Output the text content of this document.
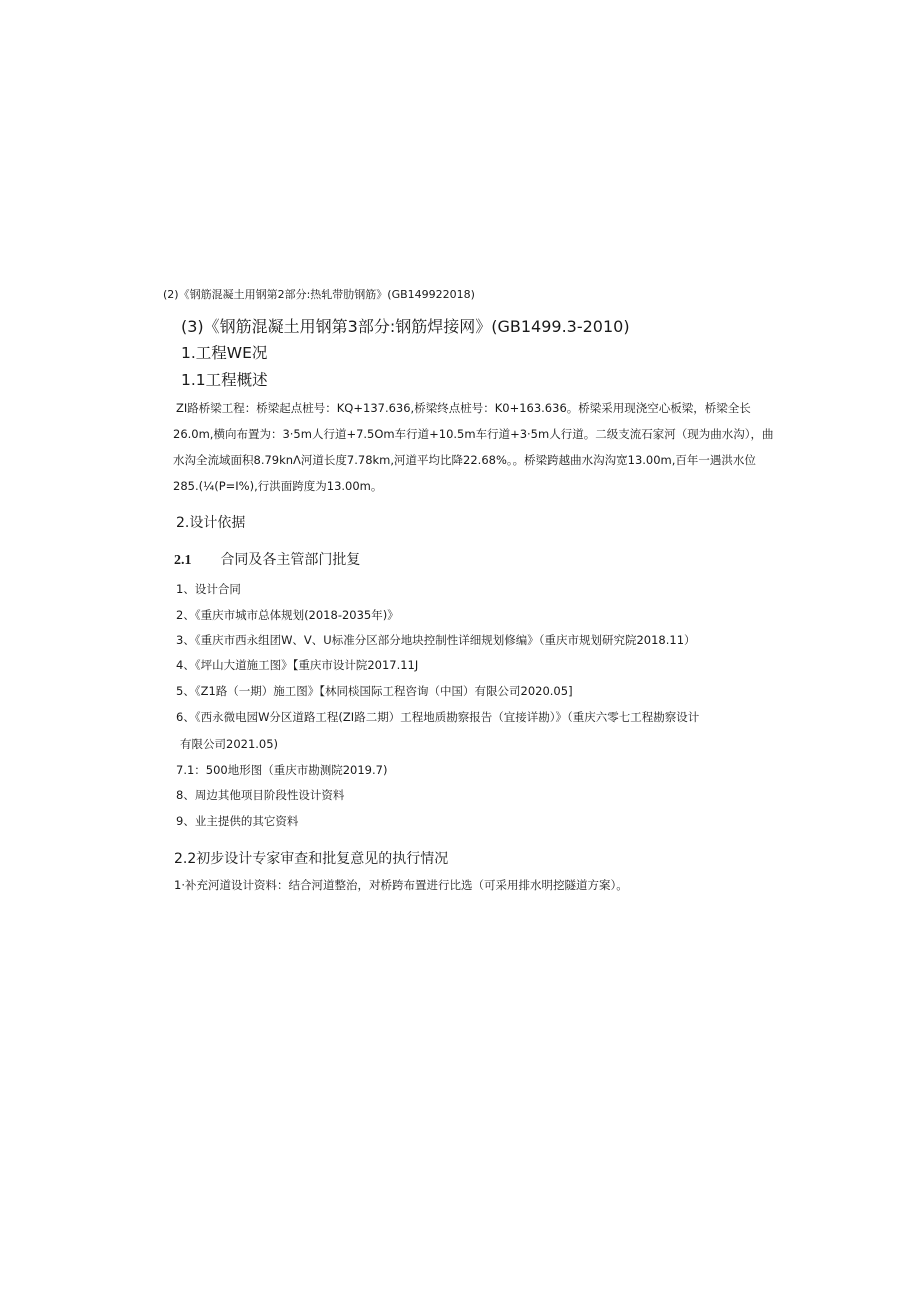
(2)《钢筋混凝土用钢第2部分:热轧带肋钢筋》(GB149922018)
(3)《钢筋混凝土用钢第3部分:钢筋焊接网》(GB1499.3-2010)
1.工程WE况
1.1工程概述
ZI路桥梁工程：桥梁起点桩号：KQ+137.636,桥梁终点桩号：K0+163.636。桥梁采用现浇空心板梁，桥梁全长
26.0m,横向布置为：3·5m人行道+7.5Om车行道+10.5m车行道+3·5m人行道。二级支流石家河（现为曲水沟），曲
水沟全流域面积8.79knΛ河道长度7.78km,河道平均比降22.68%。。桥梁跨越曲水沟沟宽13.00m,百年一遇洪水位
285.(¼(P=I%),行洪面跨度为13.00m。
2.设计依据
2.1 合同及各主管部门批复
1、设计合同
2、《重庆市城市总体规划(2018-2035年)》
3、《重庆市西永组团W、V、U标准分区部分地块控制性详细规划修编》（重庆市规划研究院2018.11）
4、《坪山大道施工图》【重庆市设计院2017.11J
5、《Z1路（一期）施工图》【林同棪国际工程咨询（中国）有限公司2020.05]
6、《西永微电园W分区道路工程(ZI路二期）工程地质勘察报告（宜接详勘）》（重庆六零七工程勘察设计
有限公司2021.05)
7.1：500地形图（重庆市勘测院2019.7)
8、周边其他项目阶段性设计资料
9、业主提供的其它资料
2.2初步设计专家审查和批复意见的执行情况
1·补充河道设计资料：结合河道整治，对桥跨布置进行比选（可采用排水明挖隧道方案）。
